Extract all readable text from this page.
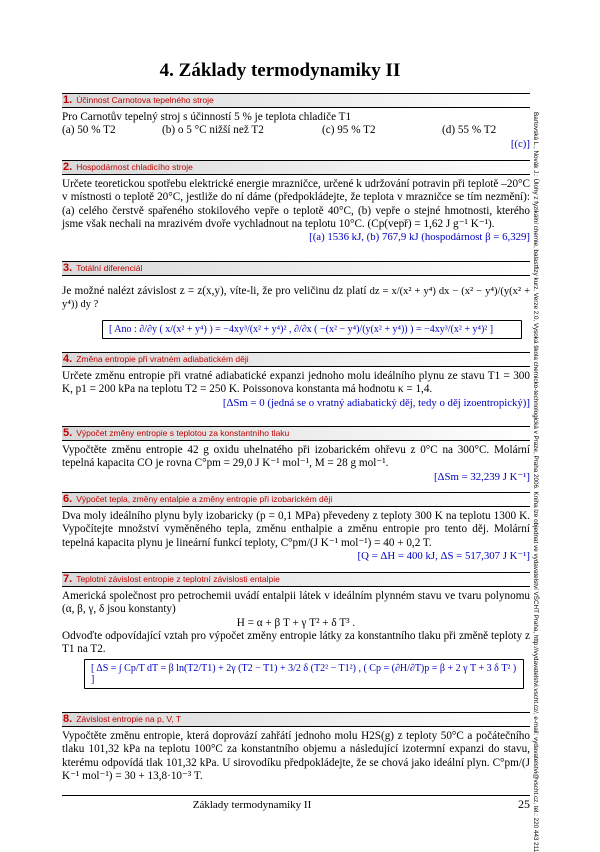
4. Základy termodynamiky II
Bartovská L., Novák J.: Úlohy z fyzikální chemie, balastfizy kurz. Verze 2.0, Vysoká škola chemicko-technologická v Praze, Praha 2006. Kniha lze objednat ve vydavatelství VŠCHT Praha, http://vydavatelstvi.vscht.cz/, e-mail: vydavatelstvi@vscht.cz, tel.: 220 443 211
1. Účinnost Carnotova tepelného stroje
Pro Carnotův tepelný stroj s účinností 5 % je teplota chladiče T1
(a) 50 % T2	(b) o 5 °C nižší než T2	(c) 95 % T2	(d) 55 % T2
[(c)]
2. Hospodárnost chladicího stroje
Určete teoretickou spotřebu elektrické energie mrazničce, určené k udržování potravin při teplotě –20°C v místnosti o teplotě 20°C, jestliže do ní dáme (předpokládejte, že teplota v mrazničce se tím nezmění): (a) celého čerstvě spařeného stokilového vepře o teplotě 40°C, (b) vepře o stejné hmotnosti, kterého jsme však nechali na mrazivém dvoře vychladnout na teplotu 10°C. (Cp(vepř) = 1,62 J g⁻¹ K⁻¹).
[(a) 1536 kJ, (b) 767,9 kJ (hospodárnost β = 6,329]
3. Totální diferenciál
Je možné nalézt závislost z = z(x,y), víte-li, že pro veličinu dz platí dz = x/(x² + y⁴) dx − (x² − y⁴)/(y(x² + y⁴)) dy ?
[ Ano : ∂/∂y ( x/(x² + y⁴) ) = −4xy³/(x² + y⁴)² , ∂/∂x ( −(x² − y⁴)/(y(x² + y⁴)) ) = −4xy³/(x² + y⁴)² ]
4. Změna entropie při vratném adiabatickém ději
Určete změnu entropie při vratné adiabatické expanzi jednoho molu ideálního plynu ze stavu T1 = 300 K, p1 = 200 kPa na teplotu T2 = 250 K. Poissonova konstanta má hodnotu κ = 1,4.
[ΔSm = 0 (jedná se o vratný adiabatický děj, tedy o děj izoentropický)]
5. Výpočet změny entropie s teplotou za konstantního tlaku
Vypočtěte změnu entropie 42 g oxidu uhelnatého při izobarickém ohřevu z 0°C na 300°C. Molární tepelná kapacita CO je rovna C°pm = 29,0 J K⁻¹ mol⁻¹, M = 28 g mol⁻¹.
[ΔSm = 32,239 J K⁻¹]
6. Výpočet tepla, změny entalpie a změny entropie při izobarickém ději
Dva moly ideálního plynu byly izobaricky (p = 0,1 MPa) převedeny z teploty 300 K na teplotu 1300 K. Vypočítejte množství vyměněného tepla, změnu enthalpie a změnu entropie pro tento děj. Molární tepelná kapacita plynu je lineární funkcí teploty, C°pm/(J K⁻¹ mol⁻¹) = 40 + 0,2 T.
[Q = ΔH = 400 kJ, ΔS = 517,307 J K⁻¹]
7. Teplotní závislost entropie z teplotní závislosti entalpie
Americká společnost pro petrochemii uvádí entalpii látek v ideálním plynném stavu ve tvaru polynomu (α, β, γ, δ jsou konstanty)
H = α + β T + γ T² + δ T³ .
Odvoďte odpovídající vztah pro výpočet změny entropie látky za konstantního tlaku při změně teploty z T1 na T2.
[ ΔS = ∫ Cp/T dT = β ln(T2/T1) + 2γ (T2 − T1) + 3/2 δ (T2² − T1²) , ( Cp = (∂H/∂T)p = β + 2 γ T + 3 δ T² ) ]
8. Závislost entropie na p, V, T
Vypočtěte změnu entropie, která doprovází zahřátí jednoho molu H2S(g) z teploty 50°C a počátečního tlaku 101,32 kPa na teplotu 100°C za konstantního objemu a následující izotermní expanzi do stavu, kterému odpovídá tlak 101,32 kPa. U sirovodíku předpokládejte, že se chová jako ideální plyn. C°pm/(J K⁻¹ mol⁻¹) = 30 + 13,8·10⁻³ T.
Základy termodynamiky II	25
